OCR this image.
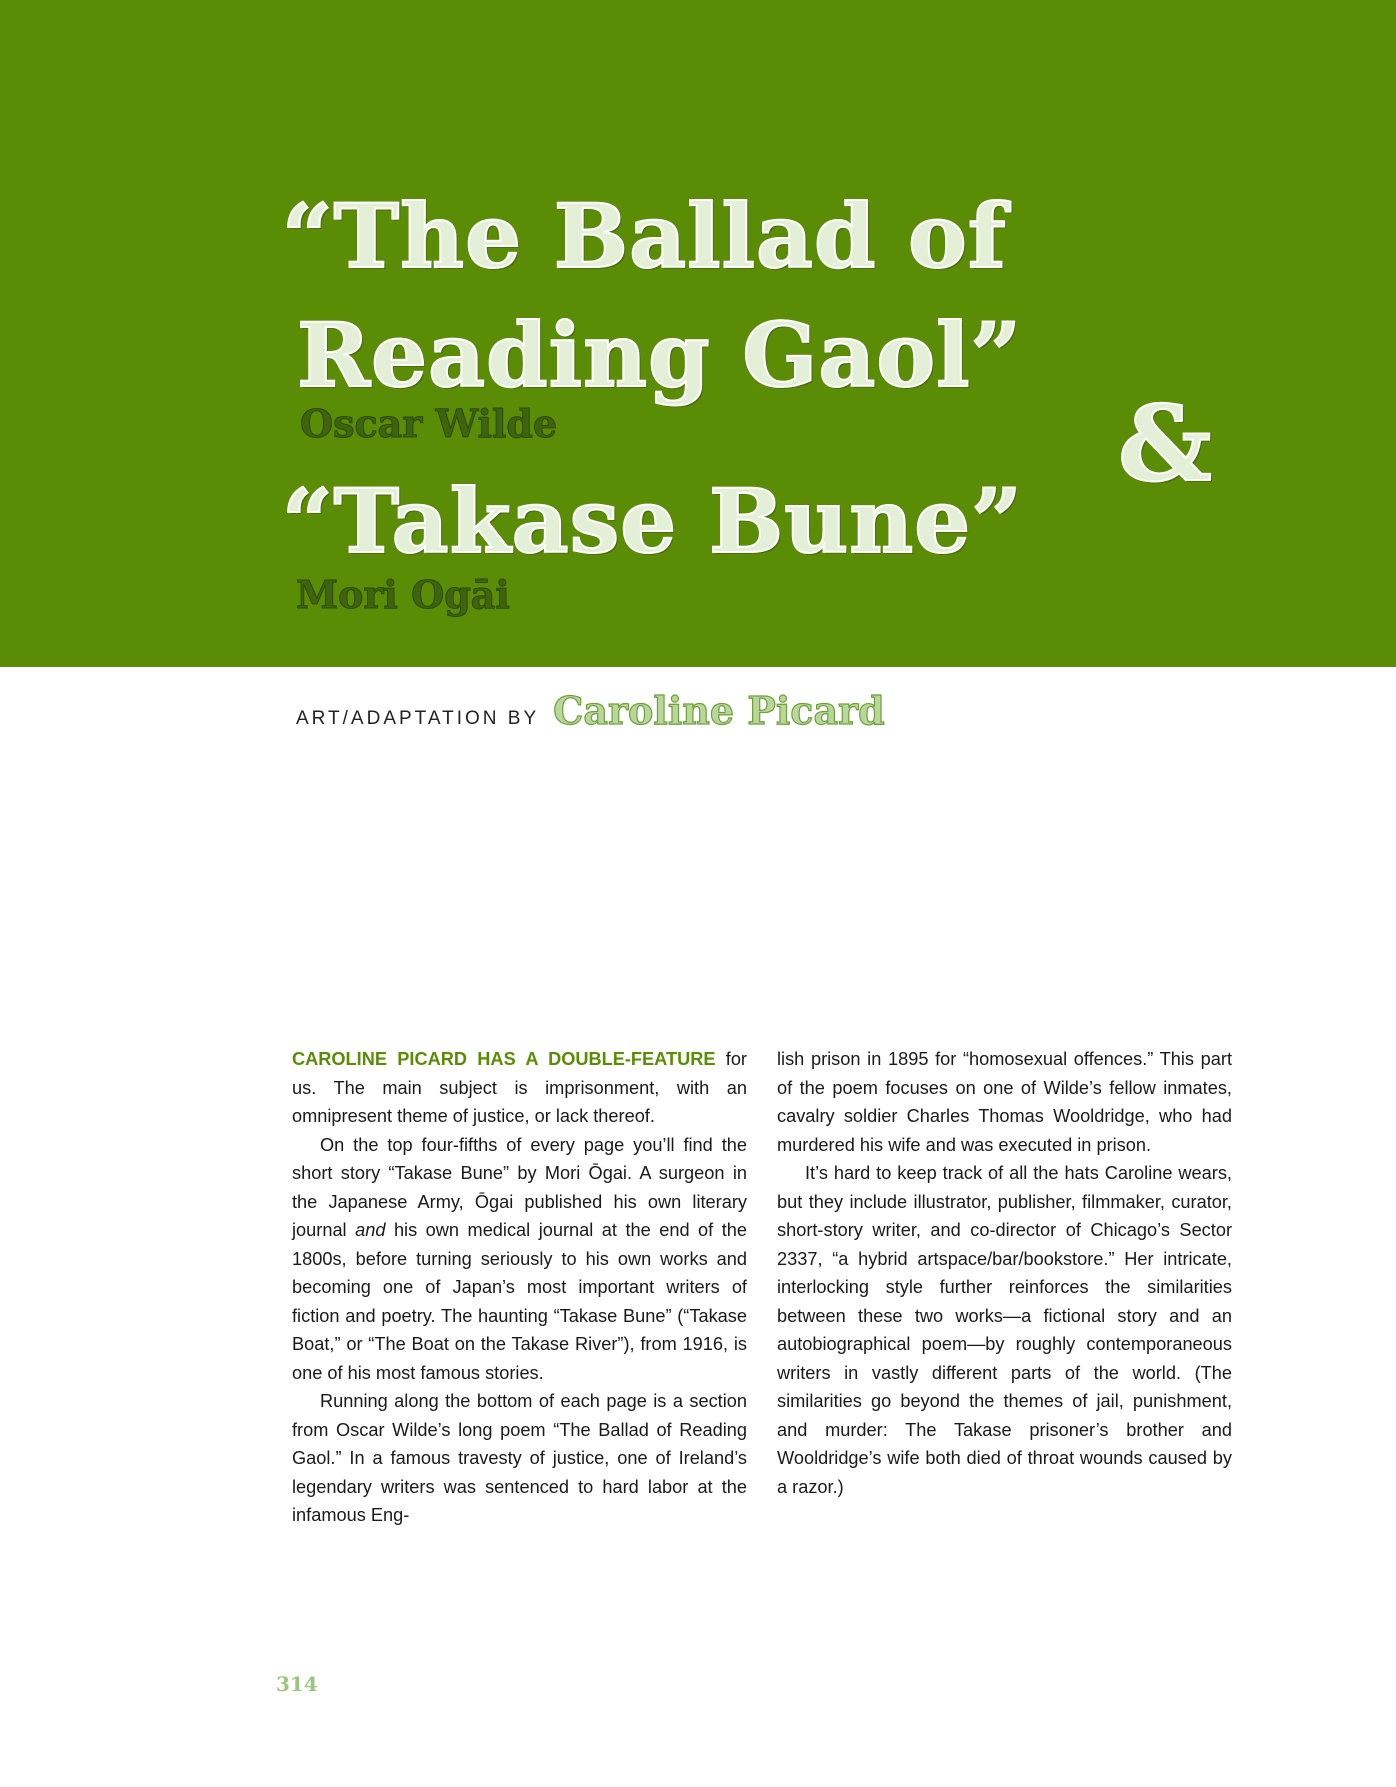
“The Ballad of
Reading Gaol”
Oscar Wilde	&
“Takase Bune”
Mori Ogāi
ART/ADAPTATION BY Caroline Picard

CAROLINE PICARD HAS A DOUBLE-FEATURE for us. The main subject is imprisonment, with an omnipresent theme of justice, or lack thereof.

On the top four-fifths of every page you’ll find the short story “Takase Bune” by Mori Ōgai. A surgeon in the Japanese Army, Ōgai published his own literary journal and his own medical journal at the end of the 1800s, before turning seriously to his own works and becoming one of Japan’s most important writers of fiction and poetry. The haunting “Takase Bune” (“Takase Boat,” or “The Boat on the Takase River”), from 1916, is one of his most famous stories.

Running along the bottom of each page is a section from Oscar Wilde’s long poem “The Ballad of Reading Gaol.” In a famous travesty of justice, one of Ireland’s legendary writers was sentenced to hard labor at the infamous Eng-

lish prison in 1895 for “homosexual offences.” This part of the poem focuses on one of Wilde’s fellow inmates, cavalry soldier Charles Thomas Wooldridge, who had murdered his wife and was executed in prison.

It’s hard to keep track of all the hats Caroline wears, but they include illustrator, publisher, filmmaker, curator, short-story writer, and co-director of Chicago’s Sector 2337, “a hybrid artspace/bar/bookstore.” Her intricate, interlocking style further reinforces the similarities between these two works—a fictional story and an autobiographical poem—by roughly contemporaneous writers in vastly different parts of the world. (The similarities go beyond the themes of jail, punishment, and murder: The Takase prisoner’s brother and Wooldridge’s wife both died of throat wounds caused by a razor.)

314
